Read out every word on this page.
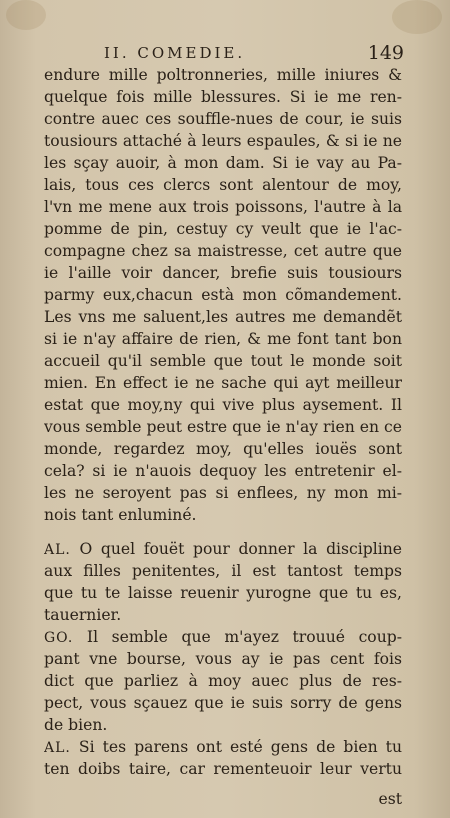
II. COMEDIE.	149
endure mille poltronneries, mille iniures &
quelque fois mille blessures. Si ie me ren-
contre auec ces souffle-nues de cour, ie suis
tousiours attaché à leurs espaules, & si ie ne
les sçay auoir, à mon dam. Si ie vay au Pa-
lais, tous ces clercs sont alentour de moy,
l'vn me mene aux trois poissons, l'autre à la
pomme de pin, cestuy cy veult que ie l'ac-
compagne chez sa maistresse, cet autre que
ie l'aille voir dancer, brefie suis tousiours
parmy eux,chacun està mon cõmandement.
Les vns me saluent,les autres me demandẽt
si ie n'ay affaire de rien, & me font tant bon
accueil qu'il semble que tout le monde soit
mien. En effect ie ne sache qui ayt meilleur
estat que moy,ny qui vive plus aysement. Il
vous semble peut estre que ie n'ay rien en ce
monde, regardez moy, qu'elles iouës sont
cela? si ie n'auois dequoy les entretenir el-
les ne seroyent pas si enflees, ny mon mi-
nois tant enluminé.
AL. O quel fouët pour donner la discipline
aux filles penitentes, il est tantost temps
que tu te laisse reuenir yurogne que tu es,
tauernier.
GO. Il semble que m'ayez trouué coup-
pant vne bourse, vous ay ie pas cent fois
dict que parliez à moy auec plus de res-
pect, vous sçauez que ie suis sorry de gens
de bien.
AL. Si tes parens ont esté gens de bien tu
ten doibs taire, car rementeuoir leur vertu
est
